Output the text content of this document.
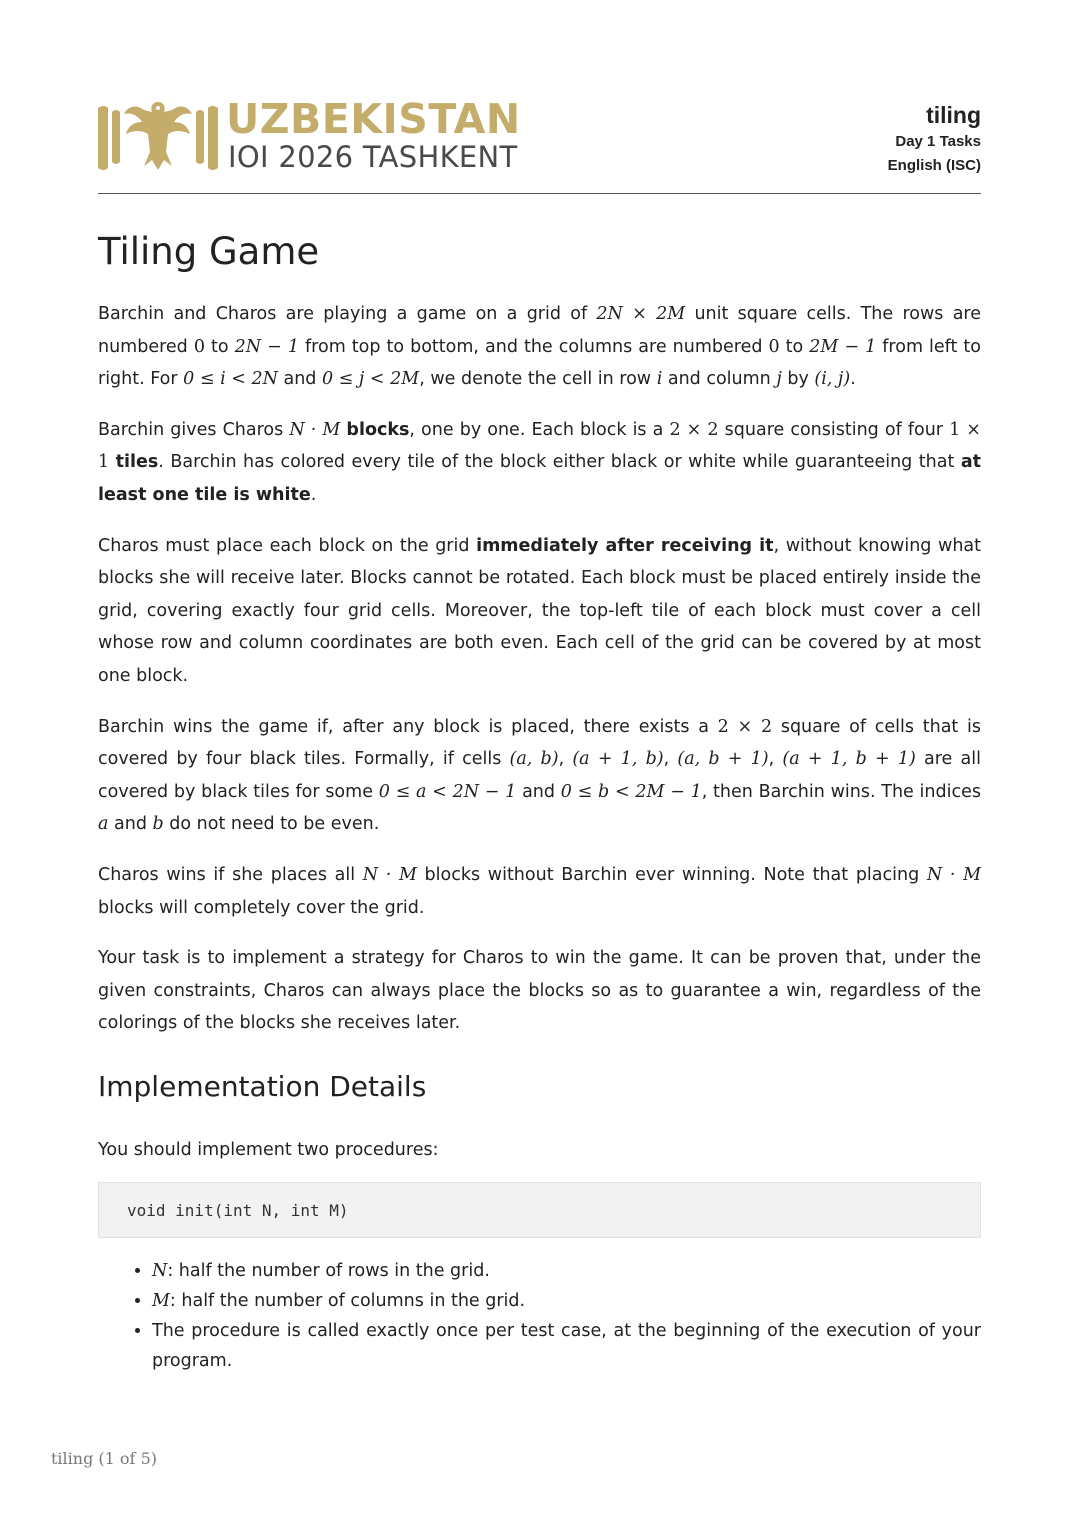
UZBEKISTAN
IOI 2026 TASHKENT
tiling
Day 1 Tasks
English (ISC)
Tiling Game

Barchin and Charos are playing a game on a grid of 2N × 2M unit square cells. The rows are numbered 0 to 2N − 1 from top to bottom, and the columns are numbered 0 to 2M − 1 from left to right. For 0 ≤ i < 2N and 0 ≤ j < 2M, we denote the cell in row i and column j by (i, j).

Barchin gives Charos N · M blocks, one by one. Each block is a 2 × 2 square consisting of four 1 × 1 tiles. Barchin has colored every tile of the block either black or white while guaranteeing that at least one tile is white.

Charos must place each block on the grid immediately after receiving it, without knowing what blocks she will receive later. Blocks cannot be rotated. Each block must be placed entirely inside the grid, covering exactly four grid cells. Moreover, the top-left tile of each block must cover a cell whose row and column coordinates are both even. Each cell of the grid can be covered by at most one block.

Barchin wins the game if, after any block is placed, there exists a 2 × 2 square of cells that is covered by four black tiles. Formally, if cells (a, b), (a + 1, b), (a, b + 1), (a + 1, b + 1) are all covered by black tiles for some 0 ≤ a < 2N − 1 and 0 ≤ b < 2M − 1, then Barchin wins. The indices a and b do not need to be even.

Charos wins if she places all N · M blocks without Barchin ever winning. Note that placing N · M blocks will completely cover the grid.

Your task is to implement a strategy for Charos to win the game. It can be proven that, under the given constraints, Charos can always place the blocks so as to guarantee a win, regardless of the colorings of the blocks she receives later.

Implementation Details

You should implement two procedures:

void init(int N, int M)
• N: half the number of rows in the grid.
• M: half the number of columns in the grid.
• The procedure is called exactly once per test case, at the beginning of the execution of your program.
tiling (1 of 5)
